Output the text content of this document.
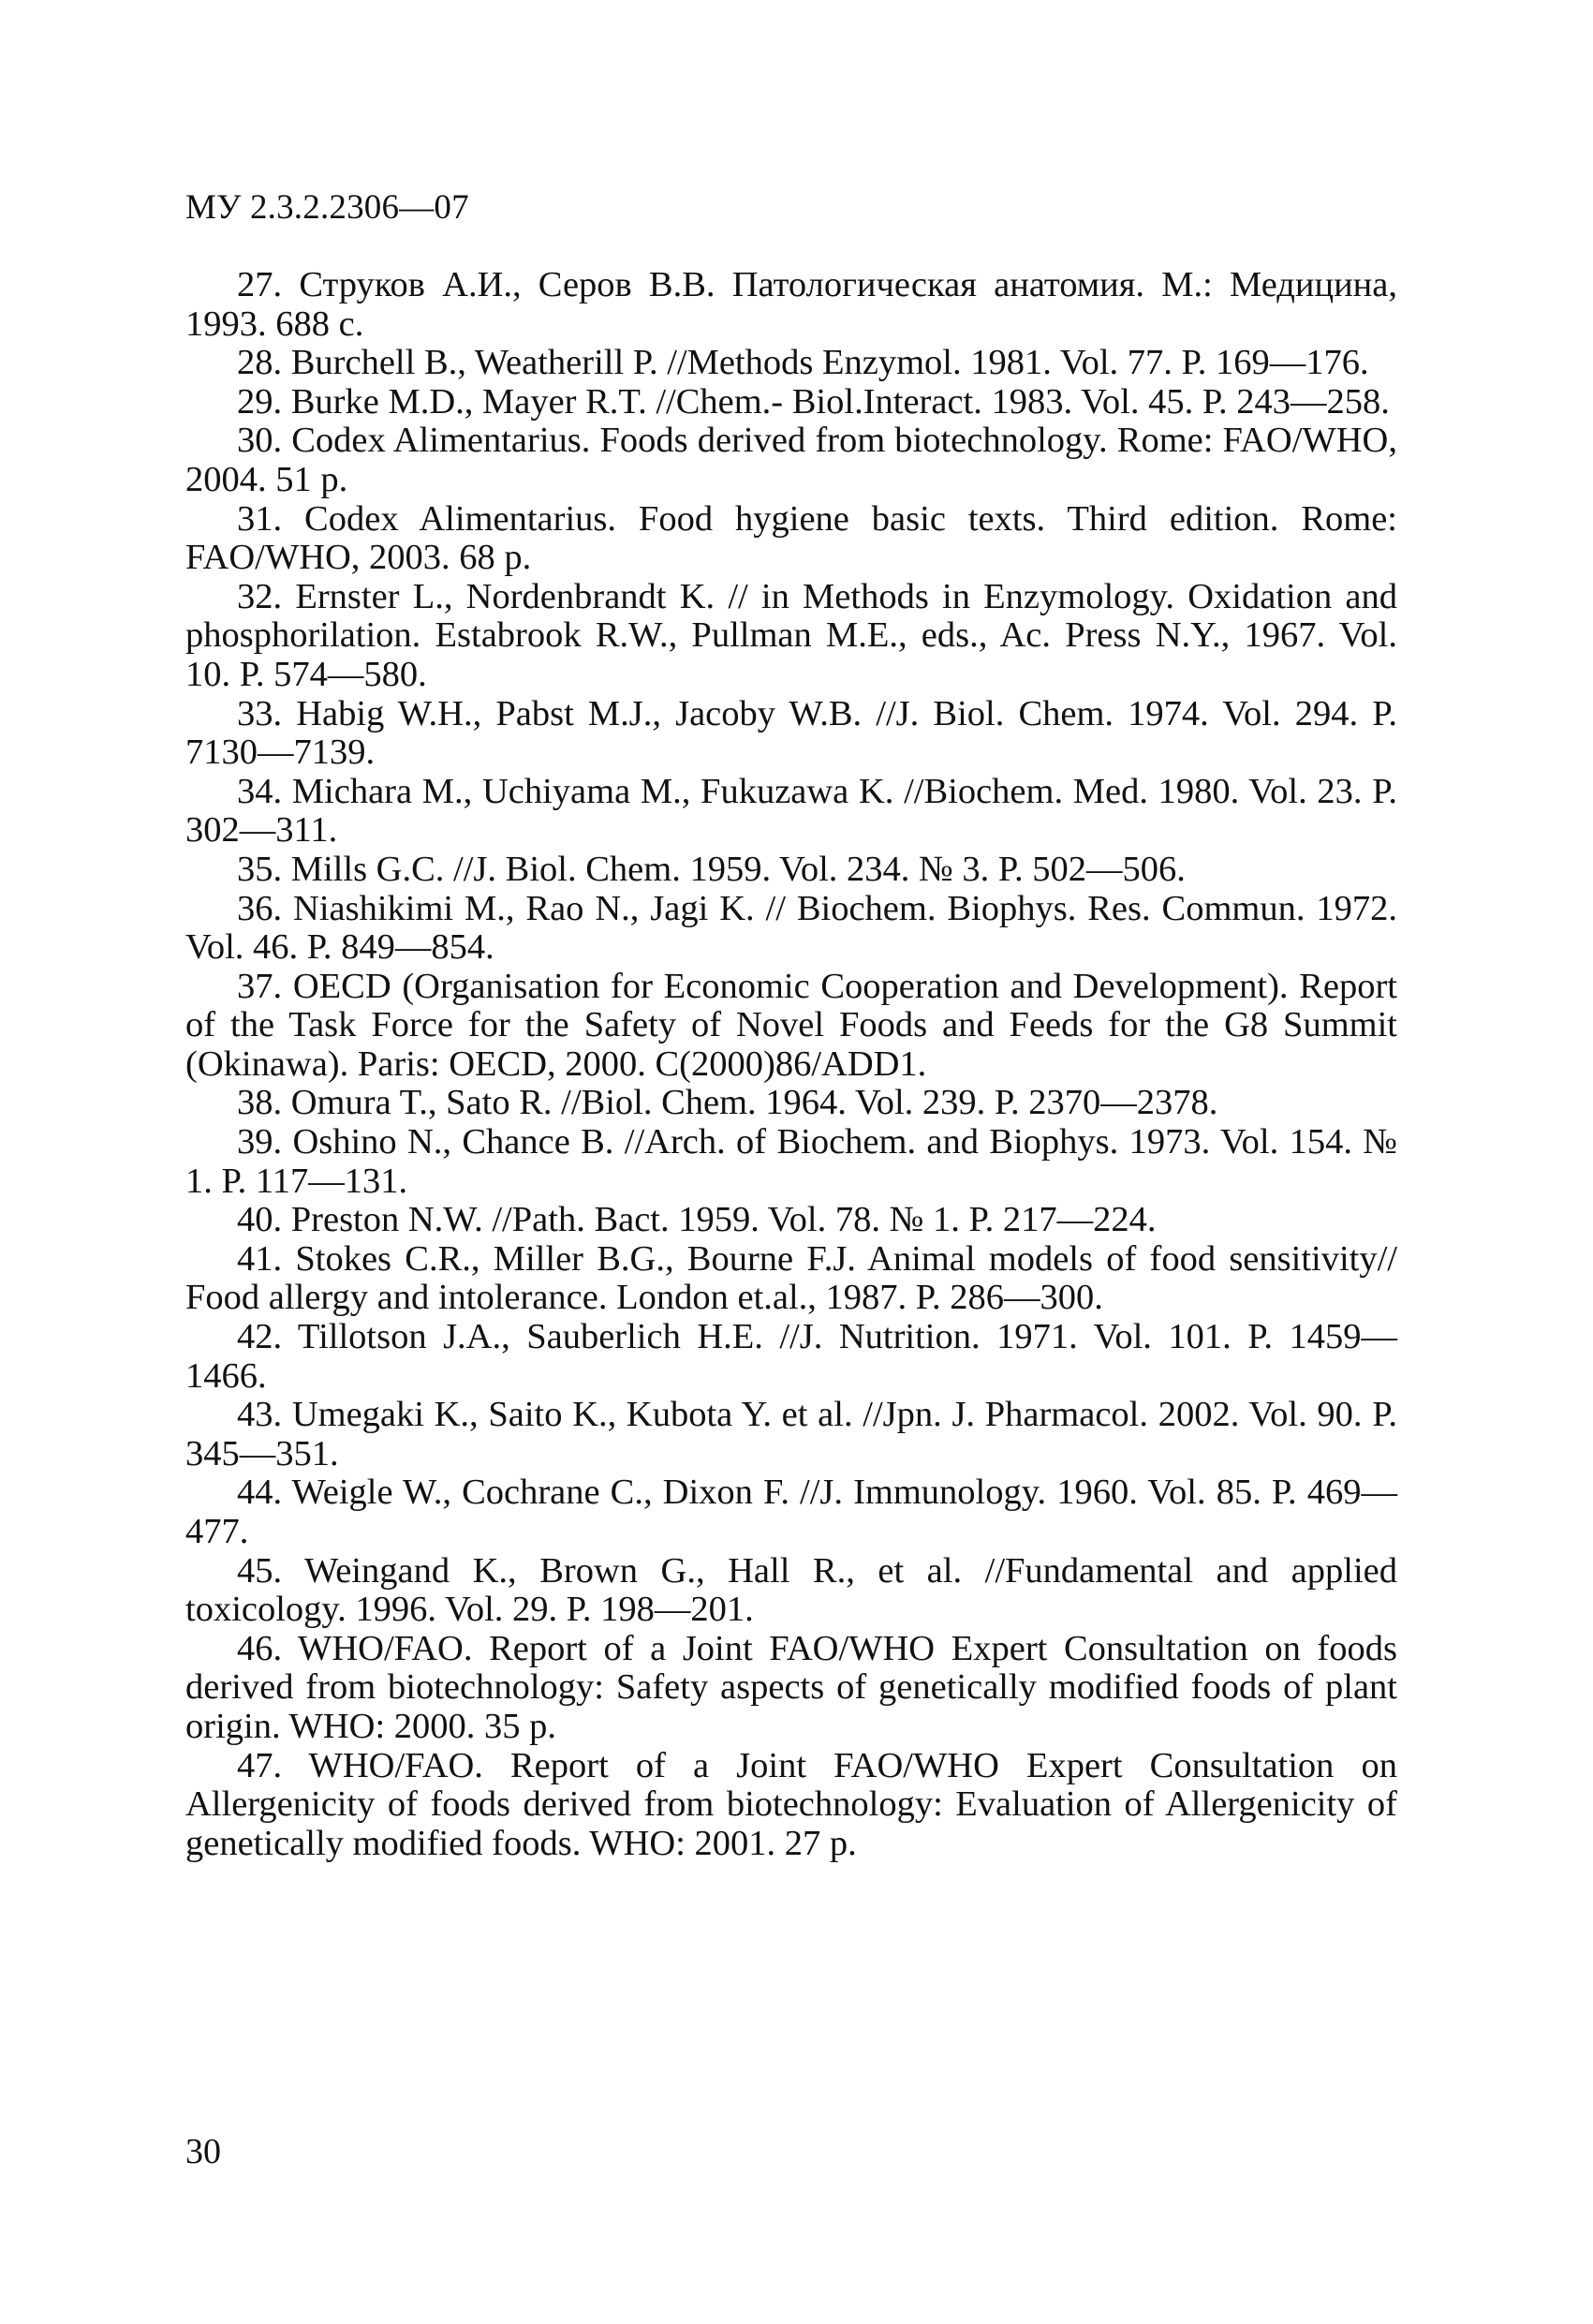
МУ 2.3.2.2306—07

27. Струков А.И., Серов В.В. Патологическая анатомия. М.: Медицина, 1993. 688 с.

28. Burchell B., Weatherill P. //Methods Enzymol. 1981. Vol. 77. P. 169—176.

29. Burke M.D., Mayer R.T. //Chem.- Biol.Interact. 1983. Vol. 45. P. 243—258.

30. Codex Alimentarius. Foods derived from biotechnology. Rome: FAO/WHO, 2004. 51 p.

31. Codex Alimentarius. Food hygiene basic texts. Third edition. Rome: FAO/WHO, 2003. 68 p.

32. Ernster L., Nordenbrandt K. // in Methods in Enzymology. Oxidation and phosphorilation. Estabrook R.W., Pullman M.E., eds., Ac. Press N.Y., 1967. Vol. 10. P. 574—580.

33. Habig W.H., Pabst M.J., Jacoby W.B. //J. Biol. Chem. 1974. Vol. 294. P. 7130—7139.

34. Michara M., Uchiyama M., Fukuzawa K. //Biochem. Med. 1980. Vol. 23. P. 302—311.

35. Mills G.C. //J. Biol. Chem. 1959. Vol. 234. № 3. P. 502—506.

36. Niashikimi M., Rao N., Jagi K. // Biochem. Biophys. Res. Commun. 1972. Vol. 46. P. 849—854.

37. OECD (Organisation for Economic Cooperation and Development). Report of the Task Force for the Safety of Novel Foods and Feeds for the G8 Summit (Okinawa). Paris: OECD, 2000. C(2000)86/ADD1.

38. Omura T., Sato R. //Biol. Chem. 1964. Vol. 239. P. 2370—2378.

39. Oshino N., Chance B. //Arch. of Biochem. and Biophys. 1973. Vol. 154. № 1. P. 117—131.

40. Preston N.W. //Path. Bact. 1959. Vol. 78. № 1. P. 217—224.

41. Stokes C.R., Miller B.G., Bourne F.J. Animal models of food sensitivity// Food allergy and intolerance. London et.al., 1987. P. 286—300.

42. Tillotson J.A., Sauberlich H.E. //J. Nutrition. 1971. Vol. 101. P. 1459—1466.

43. Umegaki K., Saito K., Kubota Y. et al. //Jpn. J. Pharmacol. 2002. Vol. 90. P. 345—351.

44. Weigle W., Cochrane C., Dixon F. //J. Immunology. 1960. Vol. 85. P. 469—477.

45. Weingand K., Brown G., Hall R., et al. //Fundamental and applied toxicology. 1996. Vol. 29. P. 198—201.

46. WHO/FAO. Report of a Joint FAO/WHO Expert Consultation on foods derived from biotechnology: Safety aspects of genetically modified foods of plant origin. WHO: 2000. 35 p.

47. WHO/FAO. Report of a Joint FAO/WHO Expert Consultation on Allergenicity of foods derived from biotechnology: Evaluation of Allergenicity of genetically modified foods. WHO: 2001. 27 p.

30
